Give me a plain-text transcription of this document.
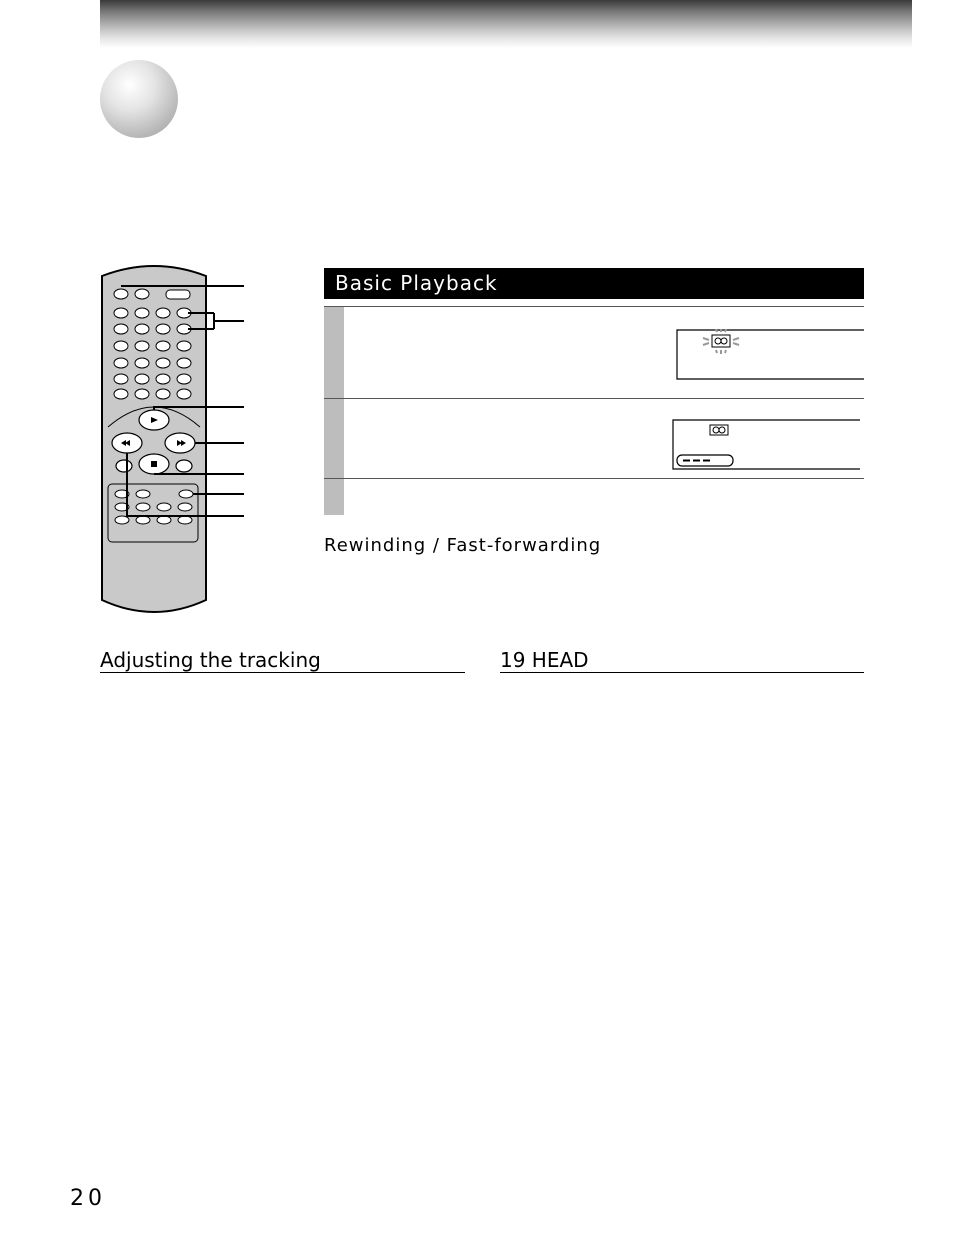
Basic Playback
Rewinding / Fast-forwarding
Adjusting the tracking	19 HEAD
20
